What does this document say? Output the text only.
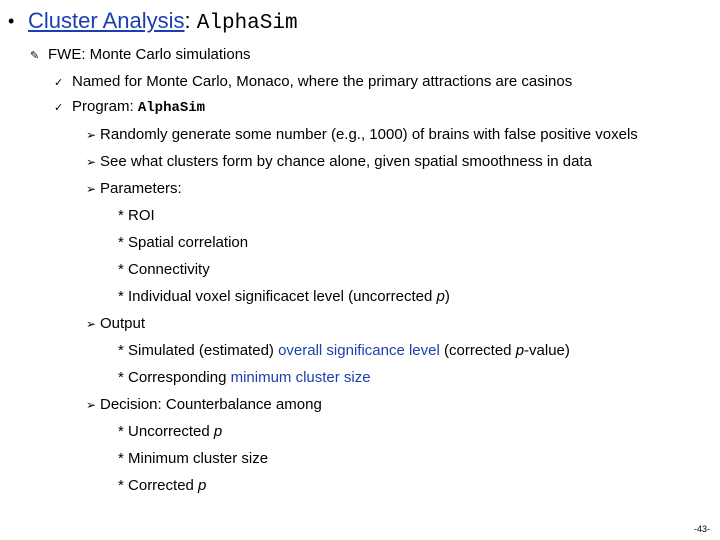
• Cluster Analysis: AlphaSim
✎ FWE: Monte Carlo simulations
✓ Named for Monte Carlo, Monaco, where the primary attractions are casinos
✓ Program: AlphaSim
➢ Randomly generate some number (e.g., 1000) of brains with false positive voxels
➢ See what clusters form by chance alone, given spatial smoothness in data
➢ Parameters:
* ROI
* Spatial correlation
* Connectivity
* Individual voxel significacet level (uncorrected p)
➢ Output
* Simulated (estimated) overall significance level (corrected p-value)
* Corresponding minimum cluster size
➢ Decision: Counterbalance among
* Uncorrected p
* Minimum cluster size
* Corrected p
-43-
